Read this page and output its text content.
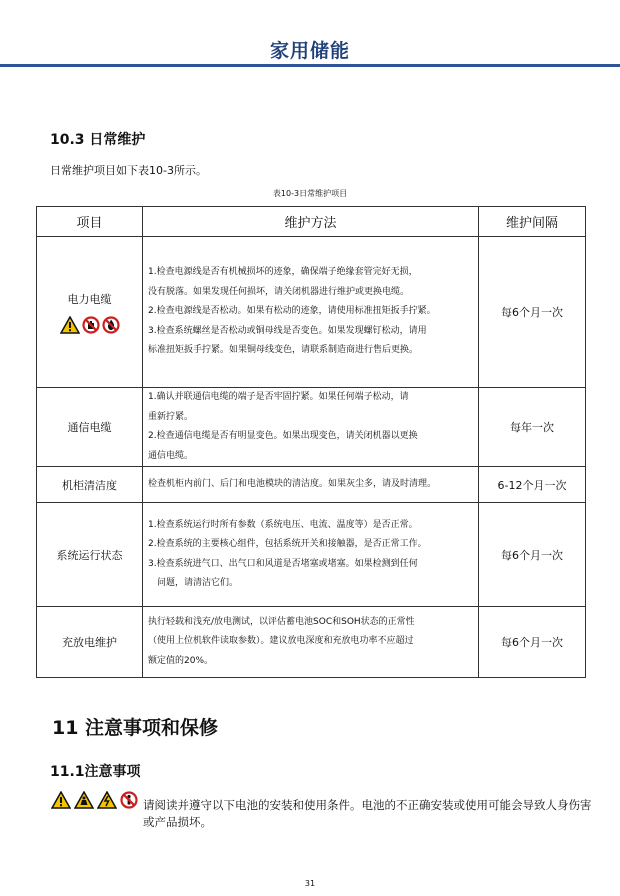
家用储能
10.3 日常维护
日常维护项目如下表10-3所示。
表10-3日常维护项目
项目	维护方法	维护间隔

电力电缆	1.检查电源线是否有机械损坏的迹象，确保端子绝缘套管完好无损，
没有脱落。如果发现任何损坏，请关闭机器进行维护或更换电缆。
2.检查电源线是否松动。如果有松动的迹象，请使用标准扭矩扳手拧紧。
3.检查系统螺丝是否松动或铜母线是否变色。如果发现螺钉松动，请用
标准扭矩扳手拧紧。如果铜母线变色，请联系制造商进行售后更换。	每6个月一次
通信电缆	1.确认并联通信电缆的端子是否牢固拧紧。如果任何端子松动，请
重新拧紧。
2.检查通信电缆是否有明显变色。如果出现变色，请关闭机器以更换
通信电缆。	每年一次
机柜清洁度	检查机柜内前门、后门和电池模块的清洁度。如果灰尘多，请及时清理。	6-12个月一次
系统运行状态	1.检查系统运行时所有参数（系统电压、电流、温度等）是否正常。
2.检查系统的主要核心组件，包括系统开关和接触器，是否正常工作。
3.检查系统进气口、出气口和风道是否堵塞或堵塞。如果检测到任何
问题，请清洁它们。	每6个月一次
充放电维护	执行轻载和浅充/放电测试，以评估蓄电池SOC和SOH状态的正常性
（使用上位机软件读取参数）。建议放电深度和充放电功率不应超过
额定值的20%。	每6个月一次
11 注意事项和保修
11.1注意事项
请阅读并遵守以下电池的安装和使用条件。电池的不正确安装或使用可能会导致人身伤害或产品损坏。
31
